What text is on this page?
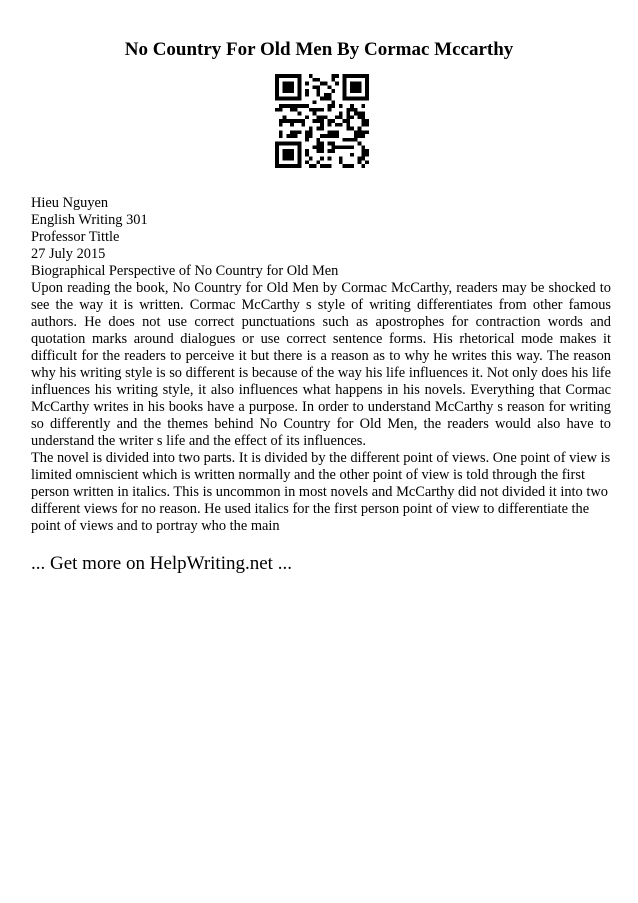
No Country For Old Men By Cormac Mccarthy
Hieu Nguyen
English Writing 301
Professor Tittle
27 July 2015
Biographical Perspective of No Country for Old Men

Upon reading the book, No Country for Old Men by Cormac McCarthy, readers may be shocked to see the way it is written. Cormac McCarthy s style of writing differentiates from other famous authors. He does not use correct punctuations such as apostrophes for contraction words and quotation marks around dialogues or use correct sentence forms. His rhetorical mode makes it difficult for the readers to perceive it but there is a reason as to why he writes this way. The reason why his writing style is so different is because of the way his life influences it. Not only does his life influences his writing style, it also influences what happens in his novels. Everything that Cormac McCarthy writes in his books have a purpose. In order to understand McCarthy s reason for writing so differently and the themes behind No Country for Old Men, the readers would also have to understand the writer s life and the effect of its influences.

The novel is divided into two parts. It is divided by the different point of views. One point of view is limited omniscient which is written normally and the other point of view is told through the first person written in italics. This is uncommon in most novels and McCarthy did not divided it into two different views for no reason. He used italics for the first person point of view to differentiate the point of views and to portray who the main

... Get more on HelpWriting.net ...
